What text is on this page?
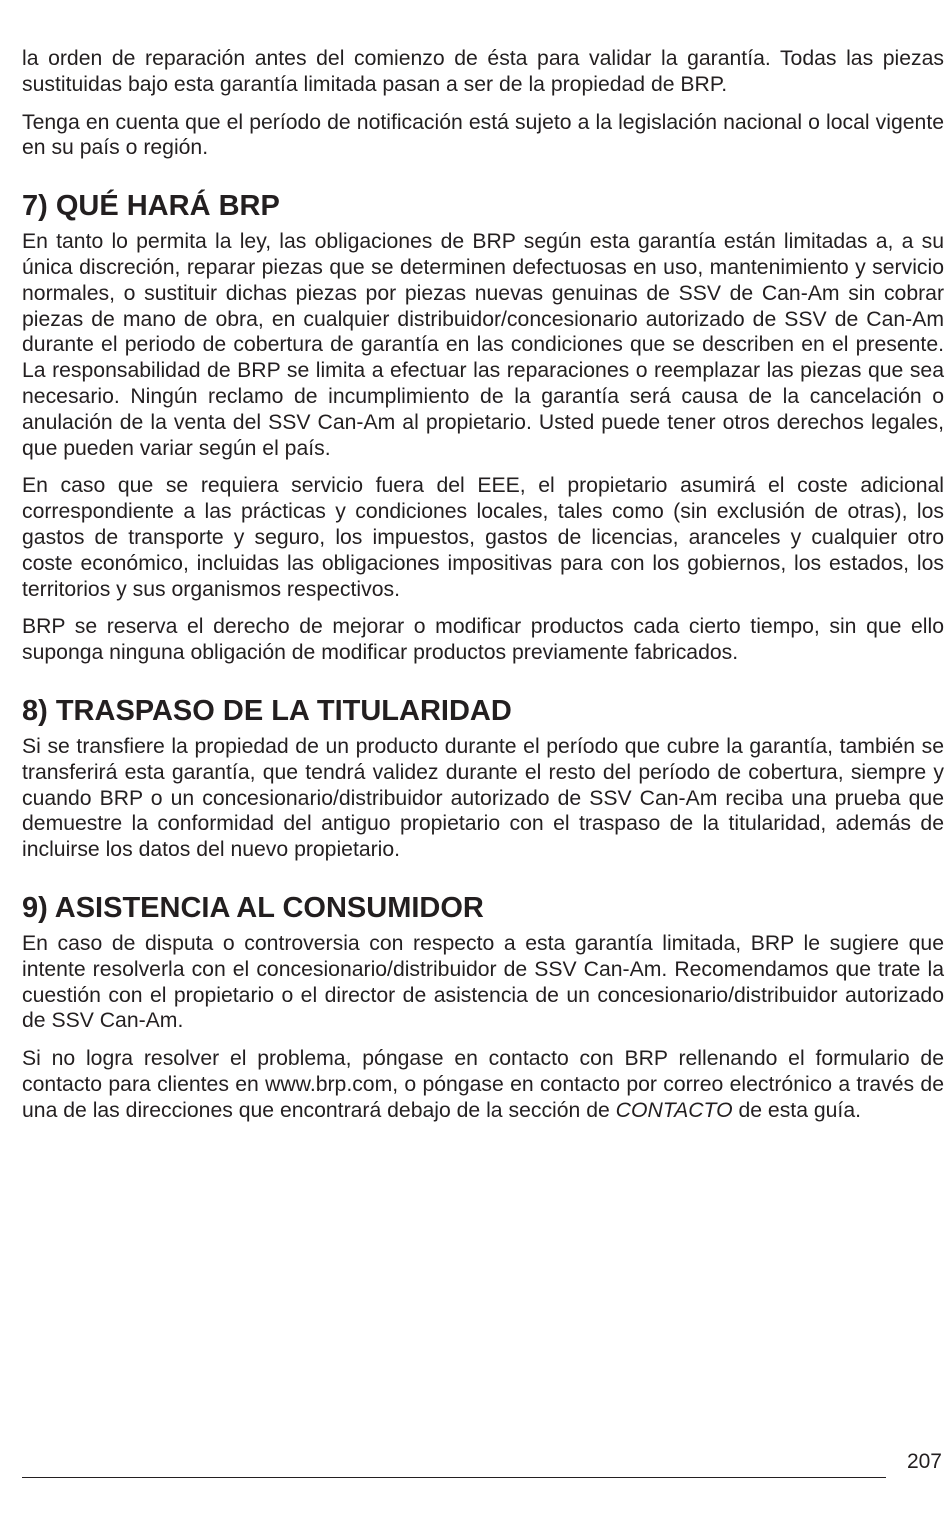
la orden de reparación antes del comienzo de ésta para validar la garantía. Todas las piezas sustituidas bajo esta garantía limitada pasan a ser de la propiedad de BRP.

Tenga en cuenta que el período de notificación está sujeto a la legislación nacional o local vigente en su país o región.

7) QUÉ HARÁ BRP

En tanto lo permita la ley, las obligaciones de BRP según esta garantía están limitadas a, a su única discreción, reparar piezas que se determinen defectuosas en uso, mantenimiento y servicio normales, o sustituir dichas piezas por piezas nuevas genuinas de SSV de Can-Am sin cobrar piezas de mano de obra, en cualquier distribuidor/concesionario autorizado de SSV de Can-Am durante el periodo de cobertura de garantía en las condiciones que se describen en el presente. La responsabilidad de BRP se limita a efectuar las reparaciones o reemplazar las piezas que sea necesario. Ningún reclamo de incumplimiento de la garantía será causa de la cancelación o anulación de la venta del SSV Can-Am al propietario. Usted puede tener otros derechos legales, que pueden variar según el país.

En caso que se requiera servicio fuera del EEE, el propietario asumirá el coste adicional correspondiente a las prácticas y condiciones locales, tales como (sin exclusión de otras), los gastos de transporte y seguro, los impuestos, gastos de licencias, aranceles y cualquier otro coste económico, incluidas las obligaciones impositivas para con los gobiernos, los estados, los territorios y sus organismos respectivos.

BRP se reserva el derecho de mejorar o modificar productos cada cierto tiempo, sin que ello suponga ninguna obligación de modificar productos previamente fabricados.

8) TRASPASO DE LA TITULARIDAD

Si se transfiere la propiedad de un producto durante el período que cubre la garantía, también se transferirá esta garantía, que tendrá validez durante el resto del período de cobertura, siempre y cuando BRP o un concesionario/distribuidor autorizado de SSV Can-Am reciba una prueba que demuestre la conformidad del antiguo propietario con el traspaso de la titularidad, además de incluirse los datos del nuevo propietario.

9) ASISTENCIA AL CONSUMIDOR

En caso de disputa o controversia con respecto a esta garantía limitada, BRP le sugiere que intente resolverla con el concesionario/distribuidor de SSV Can-Am. Recomendamos que trate la cuestión con el propietario o el director de asistencia de un concesionario/distribuidor autorizado de SSV Can-Am.

Si no logra resolver el problema, póngase en contacto con BRP rellenando el formulario de contacto para clientes en www.brp.com, o póngase en contacto por correo electrónico a través de una de las direcciones que encontrará debajo de la sección de CONTACTO de esta guía.

207
